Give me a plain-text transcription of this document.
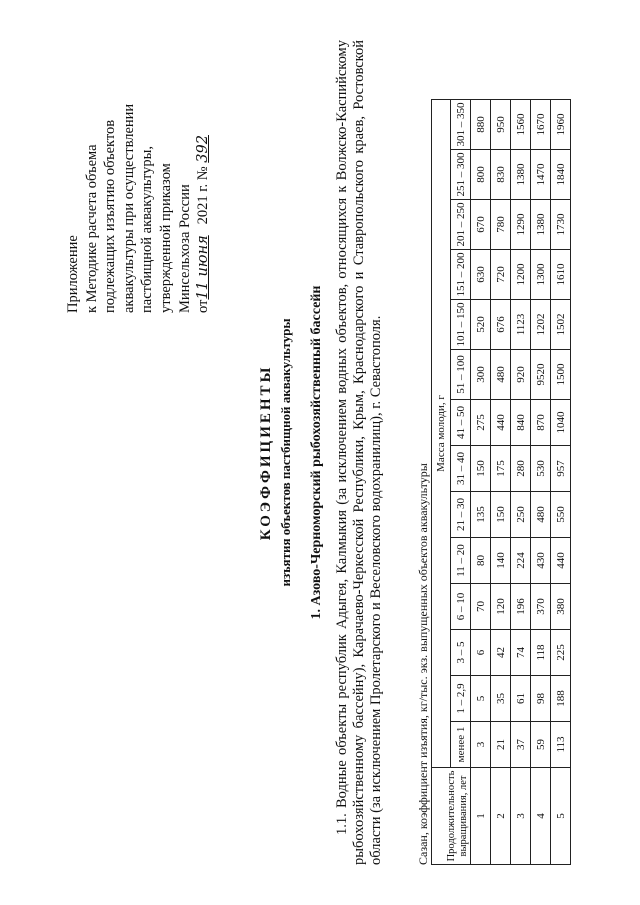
Приложение к Методике расчета объема подлежащих изъятию объектов аквакультуры при осуществлении пастбищной аквакультуры, утвержденной приказом Минсельхоза России от11 июня   2021 г. № 392
КОЭФФИЦИЕНТЫ изъятия объектов пастбищной аквакультуры 1. Азово-Черноморский рыбохозяйственный бассейн 1.1. Водные объекты республик Адыгея, Калмыкия (за исключением водных объектов, относящихся к Волжско-Каспийскому рыбохозяйственному бассейну), Карачаево-Черкесской Республики, Крым, Краснодарского и Ставропольского краев, Ростовской области (за исключением Пролетарского и Веселовского водохранилищ), г. Севастополя.	Сазан, коэффициент изъятия, кг/тыс. экз. выпущенных объектов аквакультуры Продолжительность выращивания, лет	Масса молоди, г													
	менее 1	1 – 2,9	3 – 5	6 – 10	11 – 20	21 – 30	31 – 40	41 – 50	51 – 100	101 – 150	151 – 200	201 – 250	251 – 300	301 – 350
1	3	5	6	70	80	135	150	275	300	520	630	670	800	880
2	21	35	42	120	140	150	175	440	480	676	720	780	830	950
3	37	61	74	196	224	250	280	840	920	1123	1200	1290	1380	1560
4	59	98	118	370	430	480	530	870	9520	1202	1300	1380	1470	1670
5	113	188	225	380	440	550	957	1040	1500	1502	1610	1730	1840	1960
